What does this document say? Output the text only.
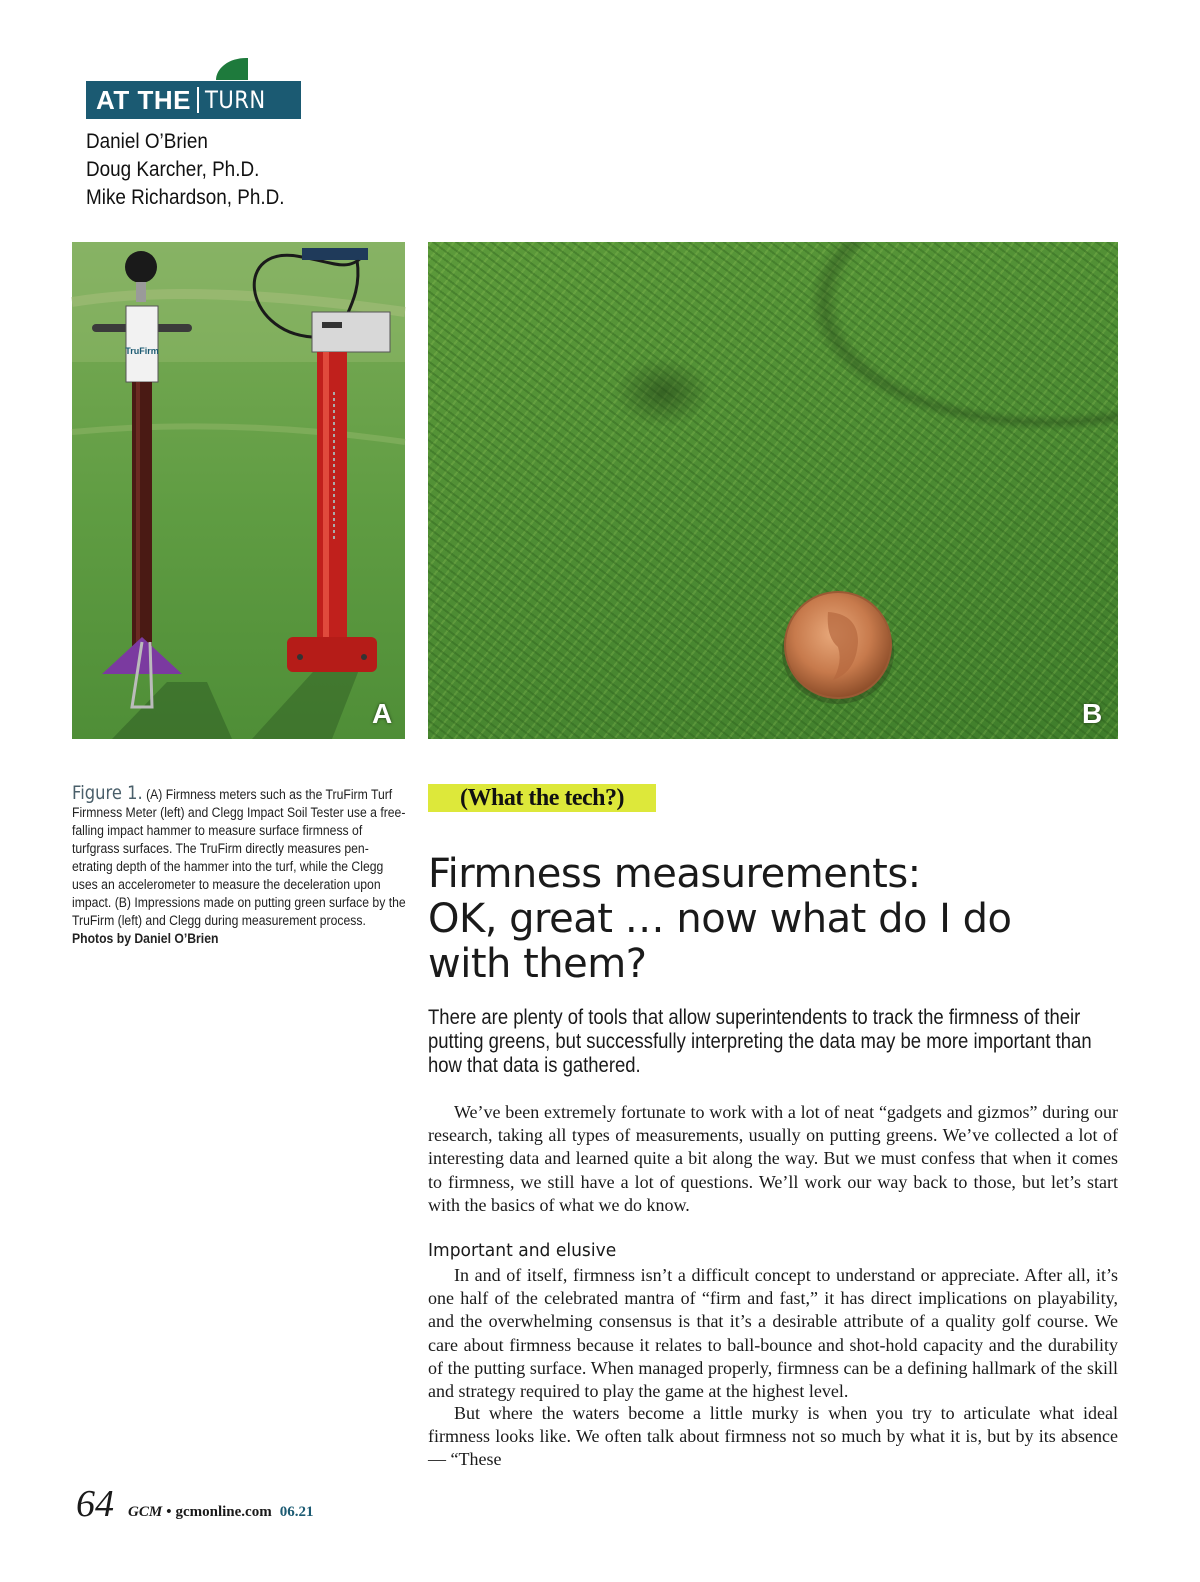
AT THE TURN
Daniel O’Brien
Doug Karcher, Ph.D.
Mike Richardson, Ph.D.
TruFirm
A	B
Figure 1. (A) Firmness meters such as the TruFirm Turf Firmness Meter (left) and Clegg Impact Soil Tester use a free-falling impact hammer to measure surface firmness of turfgrass surfaces. The TruFirm directly measures pen-etrating depth of the hammer into the turf, while the Clegg uses an accelerometer to measure the deceleration upon impact. (B) Impressions made on putting green surface by the TruFirm (left) and Clegg during measurement process.
Photos by Daniel O’Brien
(What the tech?)
Firmness measurements:
OK, great … now what do I do
with them?
There are plenty of tools that allow superintendents to track the firmness of their putting greens, but successfully interpreting the data may be more important than how that data is gathered.

We’ve been extremely fortunate to work with a lot of neat “gadgets and gizmos” during our research, taking all types of measurements, usually on putting greens. We’ve collected a lot of interesting data and learned quite a bit along the way. But we must confess that when it comes to firmness, we still have a lot of questions. We’ll work our way back to those, but let’s start with the basics of what we do know.

Important and elusive

In and of itself, firmness isn’t a difficult concept to understand or appreciate. After all, it’s one half of the celebrated mantra of “firm and fast,” it has direct implications on playability, and the overwhelming consensus is that it’s a desirable attribute of a quality golf course. We care about firmness because it relates to ball-bounce and shot-hold capacity and the durability of the putting surface. When managed properly, firmness can be a defining hallmark of the skill and strategy required to play the game at the highest level.

But where the waters become a little murky is when you try to articulate what ideal firmness looks like. We often talk about firmness not so much by what it is, but by its absence — “These

64 GCM • gcmonline.com 06.21
